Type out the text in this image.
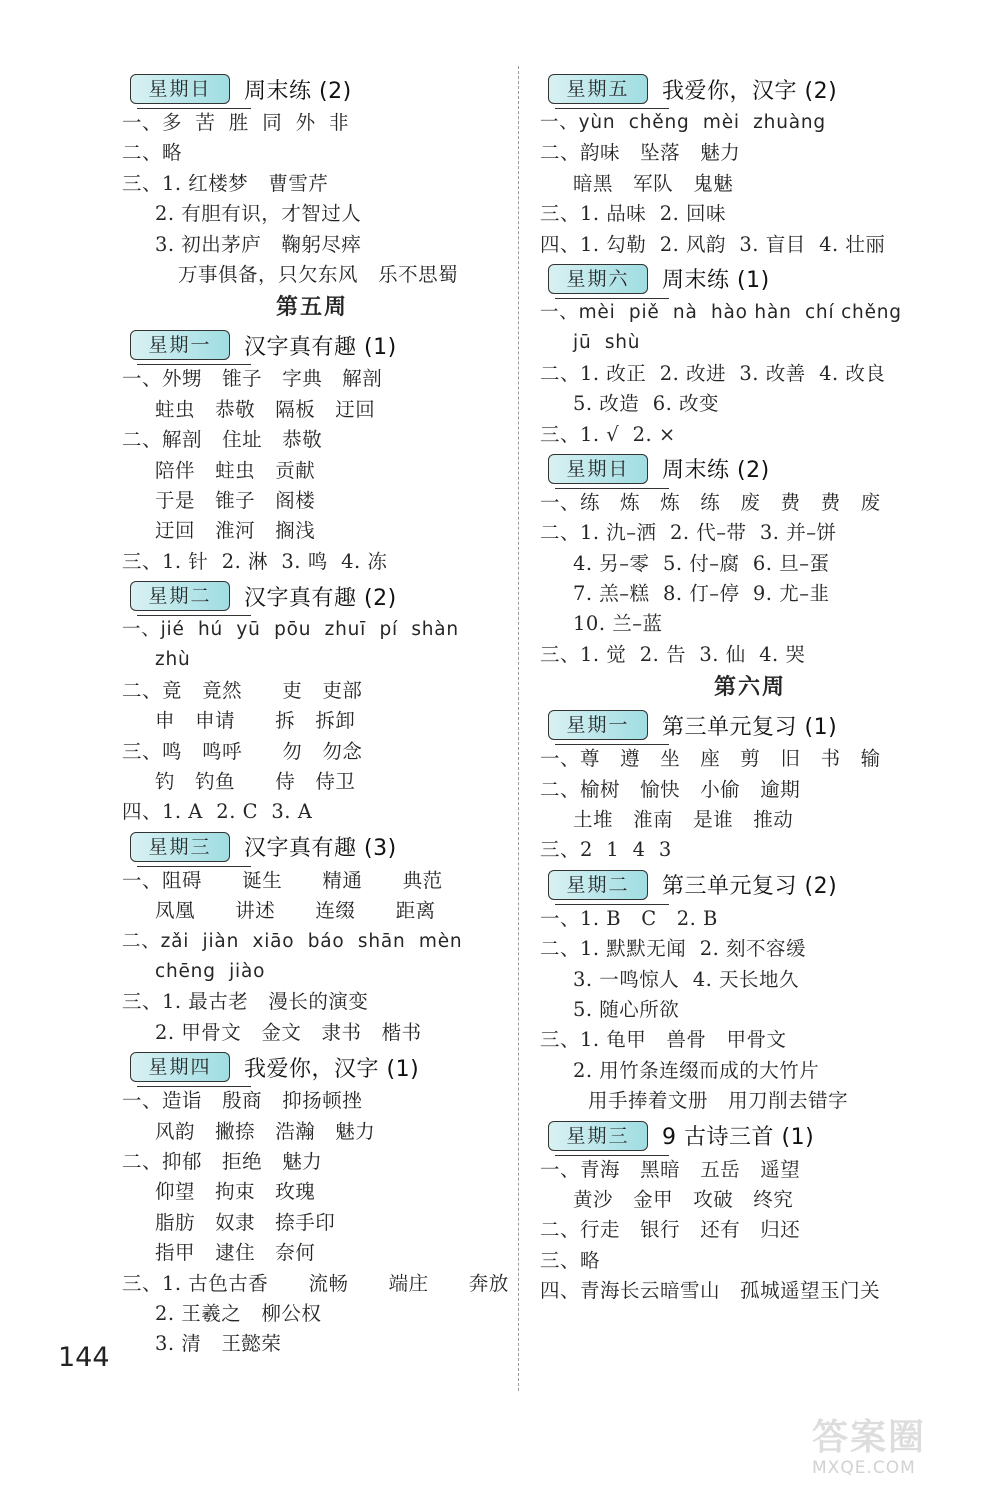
星期日	周末练 (2)
一、多  苦  胜  同  外  非
二、略
三、1. 红楼梦   曹雪芹
2. 有胆有识，才智过人
3. 初出茅庐   鞠躬尽瘁
万事俱备，只欠东风   乐不思蜀
第五周
星期一	汉字真有趣 (1)
一、外甥   锥子   字典   解剖
蛀虫   恭敬   隔板   迂回
二、解剖   住址   恭敬
陪伴   蛀虫   贡献
于是   锥子   阁楼
迂回   淮河   搁浅
三、1. 针  2. 淋  3. 鸣  4. 冻
星期二	汉字真有趣 (2)
一、jié  hú  yū  pōu  zhuī  pí  shàn
zhù
二、竟   竟然      吏   吏部
申   申请      拆   拆卸
三、鸣   鸣呼      勿   勿念
钓   钓鱼      侍   侍卫
四、1. A  2. C  3. A
星期三	汉字真有趣 (3)
一、阻碍      诞生      精通      典范
凤凰      讲述      连缀      距离
二、zǎi  jiàn  xiāo  báo  shān  mèn
chēng  jiào
三、1. 最古老   漫长的演变
2. 甲骨文   金文   隶书   楷书
星期四	我爱你，汉字 (1)
一、造诣   殷商   抑扬顿挫
风韵   撇捺   浩瀚   魅力
二、抑郁   拒绝   魅力
仰望   拘束   玫瑰
脂肪   奴隶   捺手印
指甲   逮住   奈何
三、1. 古色古香      流畅      端庄      奔放
2. 王羲之   柳公权
3. 清   王懿荣
星期五	我爱你，汉字 (2)
一、yùn  chěng  mèi  zhuàng
二、韵味   坠落   魅力
暗黑   军队   鬼魅
三、1. 品味  2. 回味
四、1. 勾勒  2. 风韵  3. 盲目  4. 壮丽
星期六	周末练 (1)
一、mèi  piě  nà  hào hàn  chí chěng
jū  shù
二、1. 改正  2. 改进  3. 改善  4. 改良
5. 改造  6. 改变
三、1. √  2. ×
星期日	周末练 (2)
一、练   炼   炼   练   废   费   费   废
二、1. 氿–洒  2. 代–带  3. 并–饼
4. 另–零  5. 付–腐  6. 旦–蛋
7. 羔–糕  8. 仃–停  9. 尤–韭
10. 兰–蓝
三、1. 觉  2. 告  3. 仙  4. 哭
第六周
星期一	第三单元复习 (1)
一、尊   遵   坐   座   剪   旧   书   输
二、榆树   愉快   小偷   逾期
土堆   淮南   是谁   推动
三、2  1  4  3
星期二	第三单元复习 (2)
一、1. B   C   2. B
二、1. 默默无闻  2. 刻不容缓
3. 一鸣惊人  4. 天长地久
5. 随心所欲
三、1. 龟甲   兽骨   甲骨文
2. 用竹条连缀而成的大竹片
用手捧着文册   用刀削去错字
星期三	9 古诗三首 (1)
一、青海   黑暗   五岳   遥望
黄沙   金甲   攻破   终究
二、行走   银行   还有   归还
三、略
四、青海长云暗雪山   孤城遥望玉门关
144
答案圈
MXQE.COM
